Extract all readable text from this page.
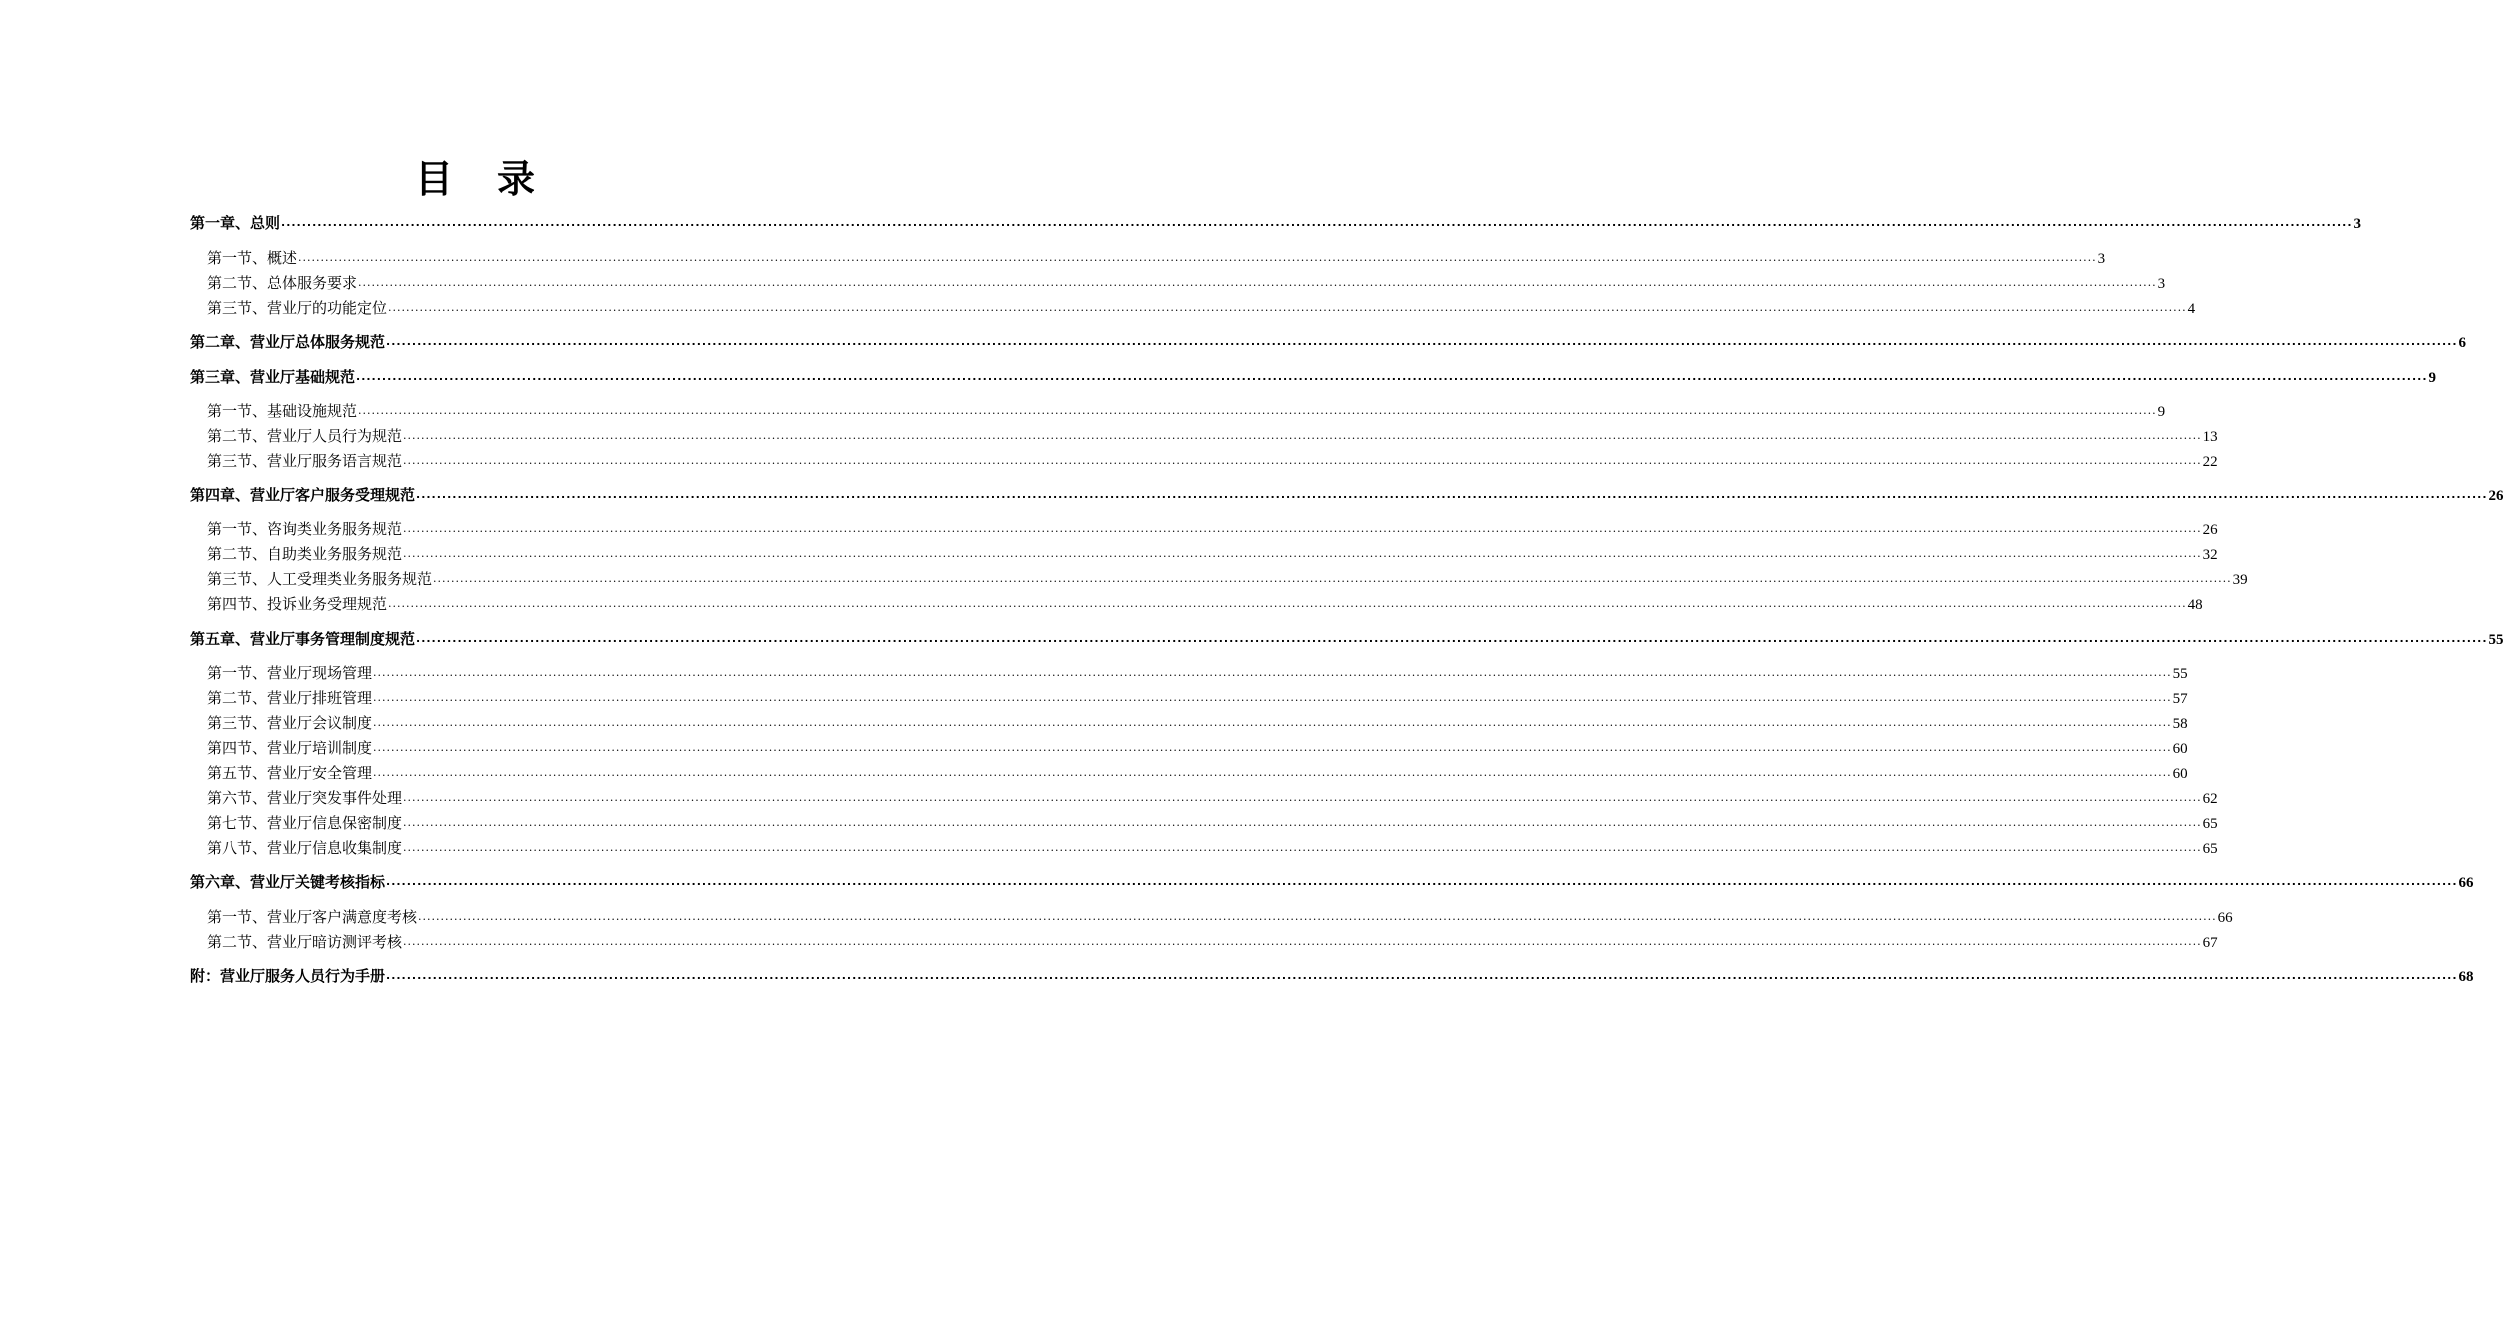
目 录
第一章、总则 ................................................................................................................................................................................................................................................................................................................................................................................................................ 3
第一节、概述 ................................................................................................................................................................................................................................................................................................................................................................................................................ 3
第二节、总体服务要求 ................................................................................................................................................................................................................................................................................................................................................................................................................ 3
第三节、营业厅的功能定位 ................................................................................................................................................................................................................................................................................................................................................................................................................ 4
第二章、营业厅总体服务规范 ................................................................................................................................................................................................................................................................................................................................................................................................................ 6
第三章、营业厅基础规范 ................................................................................................................................................................................................................................................................................................................................................................................................................ 9
第一节、基础设施规范 ................................................................................................................................................................................................................................................................................................................................................................................................................ 9
第二节、营业厅人员行为规范 ................................................................................................................................................................................................................................................................................................................................................................................................................ 13
第三节、营业厅服务语言规范 ................................................................................................................................................................................................................................................................................................................................................................................................................ 22
第四章、营业厅客户服务受理规范 ................................................................................................................................................................................................................................................................................................................................................................................................................ 26
第一节、咨询类业务服务规范 ................................................................................................................................................................................................................................................................................................................................................................................................................ 26
第二节、自助类业务服务规范 ................................................................................................................................................................................................................................................................................................................................................................................................................ 32
第三节、人工受理类业务服务规范 ................................................................................................................................................................................................................................................................................................................................................................................................................ 39
第四节、投诉业务受理规范 ................................................................................................................................................................................................................................................................................................................................................................................................................ 48
第五章、营业厅事务管理制度规范 ................................................................................................................................................................................................................................................................................................................................................................................................................ 55
第一节、营业厅现场管理 ................................................................................................................................................................................................................................................................................................................................................................................................................ 55
第二节、营业厅排班管理 ................................................................................................................................................................................................................................................................................................................................................................................................................ 57
第三节、营业厅会议制度 ................................................................................................................................................................................................................................................................................................................................................................................................................ 58
第四节、营业厅培训制度 ................................................................................................................................................................................................................................................................................................................................................................................................................ 60
第五节、营业厅安全管理 ................................................................................................................................................................................................................................................................................................................................................................................................................ 60
第六节、营业厅突发事件处理 ................................................................................................................................................................................................................................................................................................................................................................................................................ 62
第七节、营业厅信息保密制度 ................................................................................................................................................................................................................................................................................................................................................................................................................ 65
第八节、营业厅信息收集制度 ................................................................................................................................................................................................................................................................................................................................................................................................................ 65
第六章、营业厅关键考核指标 ................................................................................................................................................................................................................................................................................................................................................................................................................ 66
第一节、营业厅客户满意度考核 ................................................................................................................................................................................................................................................................................................................................................................................................................ 66
第二节、营业厅暗访测评考核 ................................................................................................................................................................................................................................................................................................................................................................................................................ 67
附：营业厅服务人员行为手册 ................................................................................................................................................................................................................................................................................................................................................................................................................ 68
